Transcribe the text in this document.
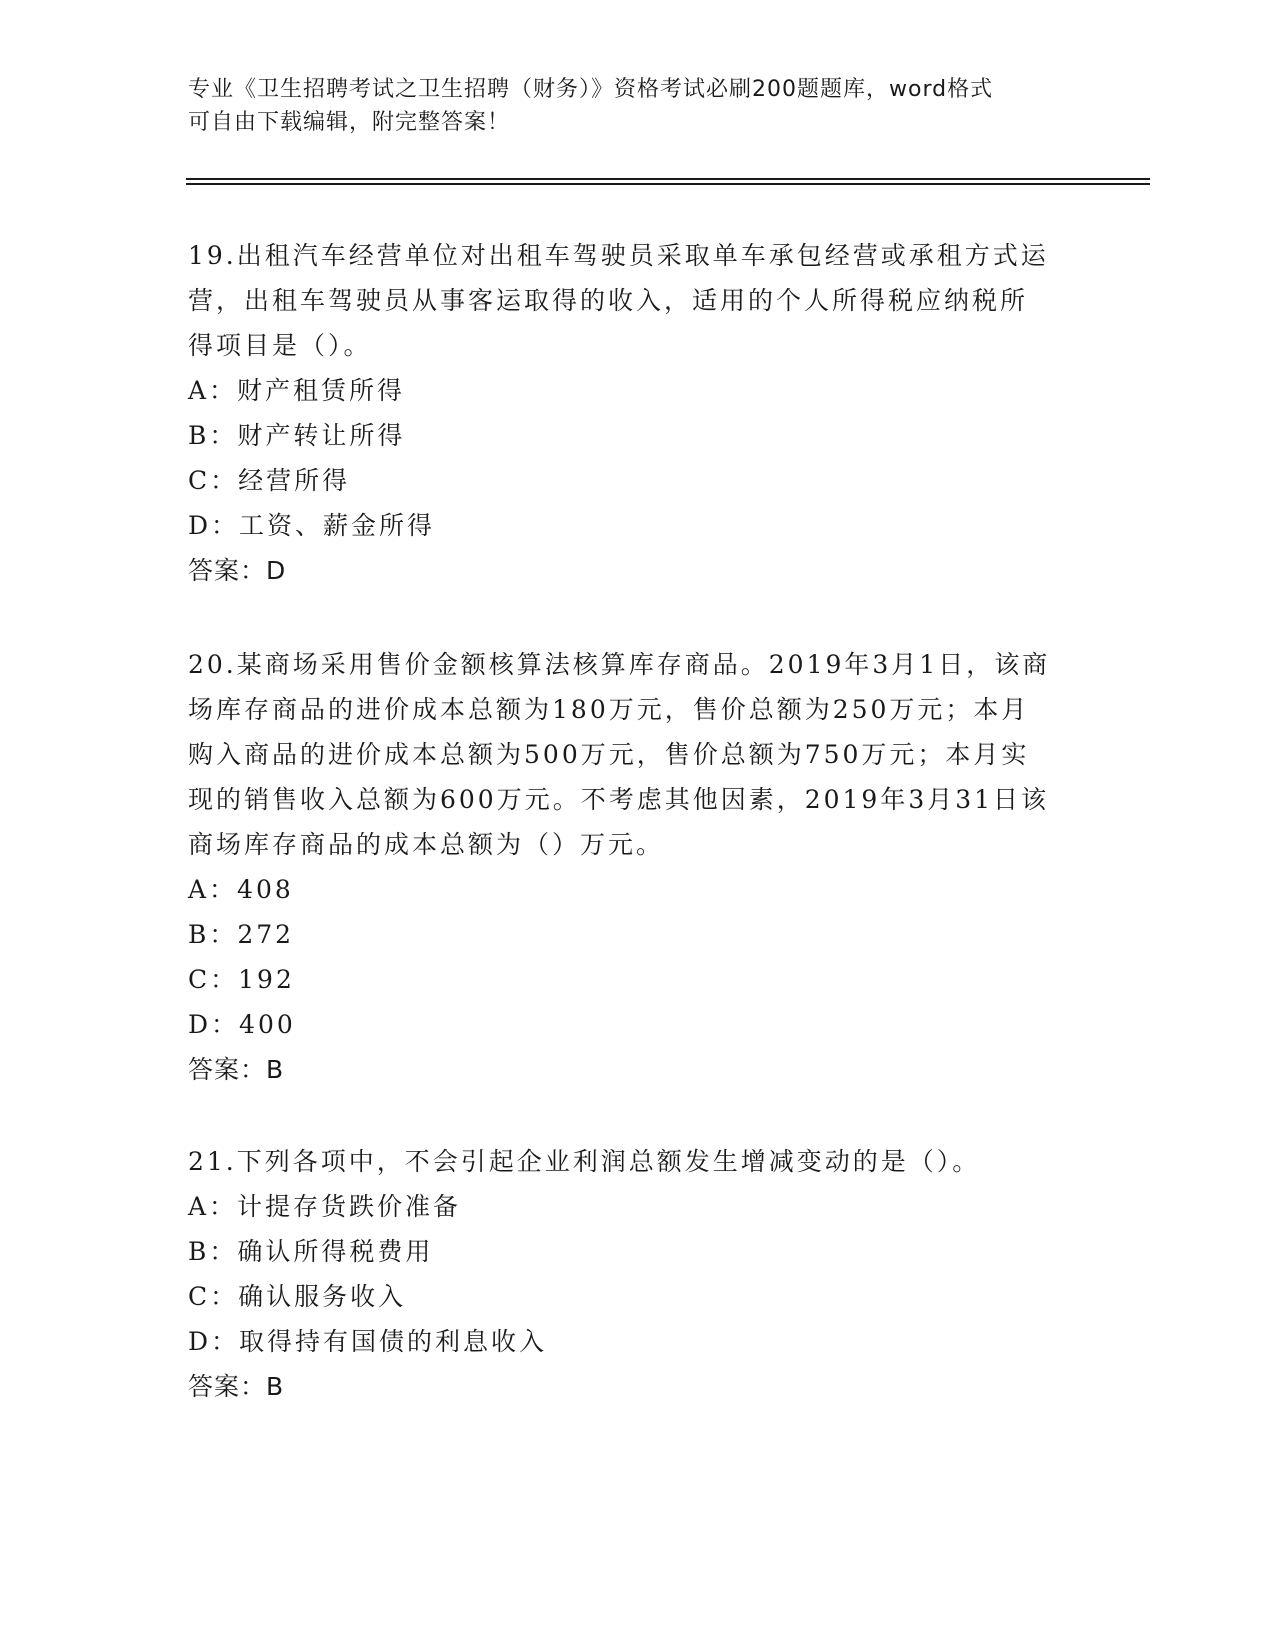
专业《卫生招聘考试之卫生招聘（财务）》资格考试必刷200题题库，word格式
可自由下载编辑，附完整答案！

19.出租汽车经营单位对出租车驾驶员采取单车承包经营或承租方式运

营，出租车驾驶员从事客运取得的收入，适用的个人所得税应纳税所

得项目是（）。

A：财产租赁所得

B：财产转让所得

C：经营所得

D：工资、薪金所得

答案：D

20.某商场采用售价金额核算法核算库存商品。2019年3月1日，该商

场库存商品的进价成本总额为180万元，售价总额为250万元；本月

购入商品的进价成本总额为500万元，售价总额为750万元；本月实

现的销售收入总额为600万元。不考虑其他因素，2019年3月31日该

商场库存商品的成本总额为（）万元。

A：408

B：272

C：192

D：400

答案：B

21.下列各项中，不会引起企业利润总额发生增减变动的是（）。

A：计提存货跌价准备

B：确认所得税费用

C：确认服务收入

D：取得持有国债的利息收入

答案：B
